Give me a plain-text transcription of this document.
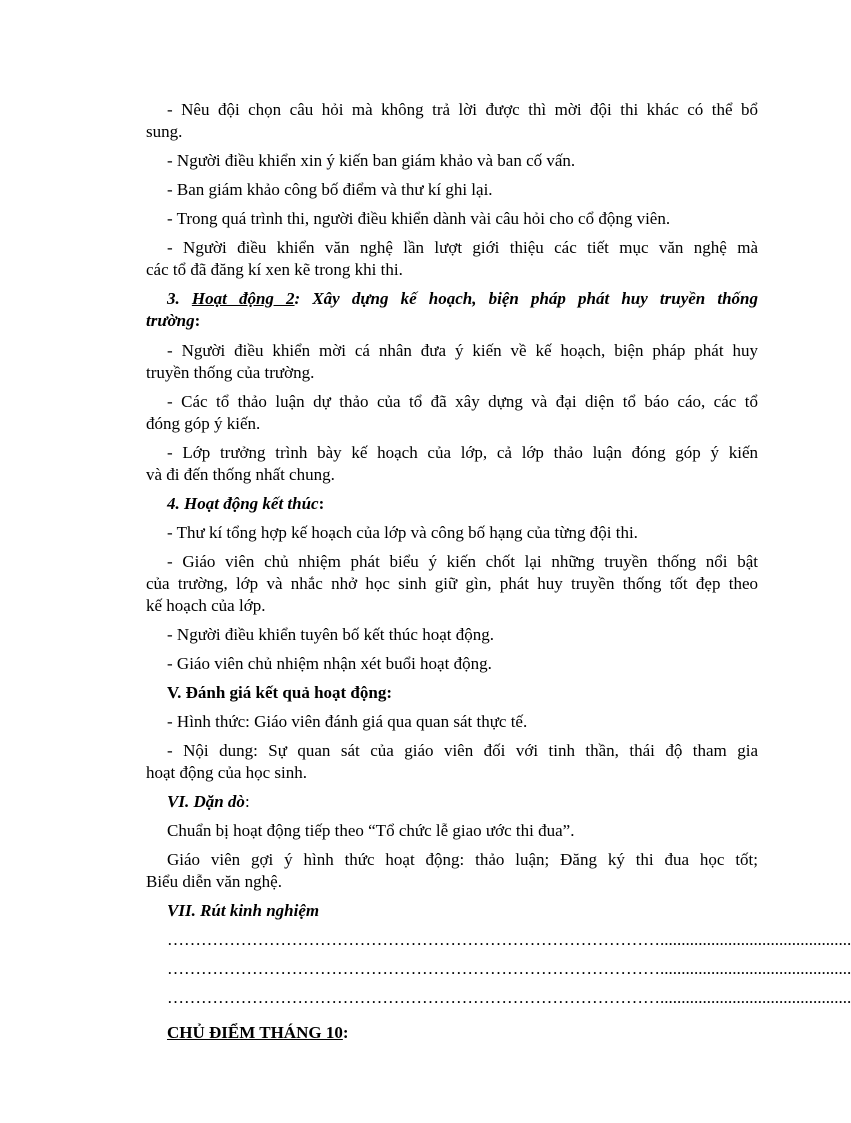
- Nêu đội chọn câu hỏi mà không trả lời được thì mời đội thi khác có thể bổ
sung.
- Người điều khiển xin ý kiến ban giám khảo và ban cố vấn.
- Ban giám khảo công bố điểm và thư kí ghi lại.
- Trong quá trình thi, người điều khiển dành vài câu hỏi cho cổ động viên.
- Người điều khiển văn nghệ lần lượt giới thiệu các tiết mục văn nghệ mà
các tổ đã đăng kí xen kẽ trong khi thi.
3. Hoạt động 2: Xây dựng kế hoạch, biện pháp phát huy truyền thống
trường:
- Người điều khiển mời cá nhân đưa ý kiến về kế hoạch, biện pháp phát huy
truyền thống của trường.
- Các tổ thảo luận dự thảo của tổ đã xây dựng và đại diện tổ báo cáo, các tổ
đóng góp ý kiến.
- Lớp trưởng trình bày kế hoạch của lớp, cả lớp thảo luận đóng góp ý kiến
và đi đến thống nhất chung.
4. Hoạt động kết thúc:
- Thư kí tổng hợp kế hoạch của lớp và công bố hạng của từng đội thi.
- Giáo viên chủ nhiệm phát biểu ý kiến chốt lại những truyền thống nổi bật
của trường, lớp và nhắc nhở học sinh giữ gìn, phát huy truyền thống tốt đẹp theo
kế hoạch của lớp.
- Người điều khiển tuyên bố kết thúc hoạt động.
- Giáo viên chủ nhiệm nhận xét buổi hoạt động.
V. Đánh giá kết quả hoạt động:
- Hình thức: Giáo viên đánh giá qua quan sát thực tế.
- Nội dung: Sự quan sát của giáo viên đối với tinh thần, thái độ tham gia
hoạt động của học sinh.
VI. Dặn dò:
Chuẩn bị hoạt động tiếp theo “Tổ chức lễ giao ước thi đua”.
Giáo viên gợi ý hình thức hoạt động: thảo luận; Đăng ký thi đua học tốt;
Biểu diễn văn nghệ.
VII. Rút kinh nghiệm
…………………………………………………………………………….............................................
…………………………………………………………………………….............................................
…………………………………………………………………………….............................................
CHỦ ĐIỂM THÁNG 10:
